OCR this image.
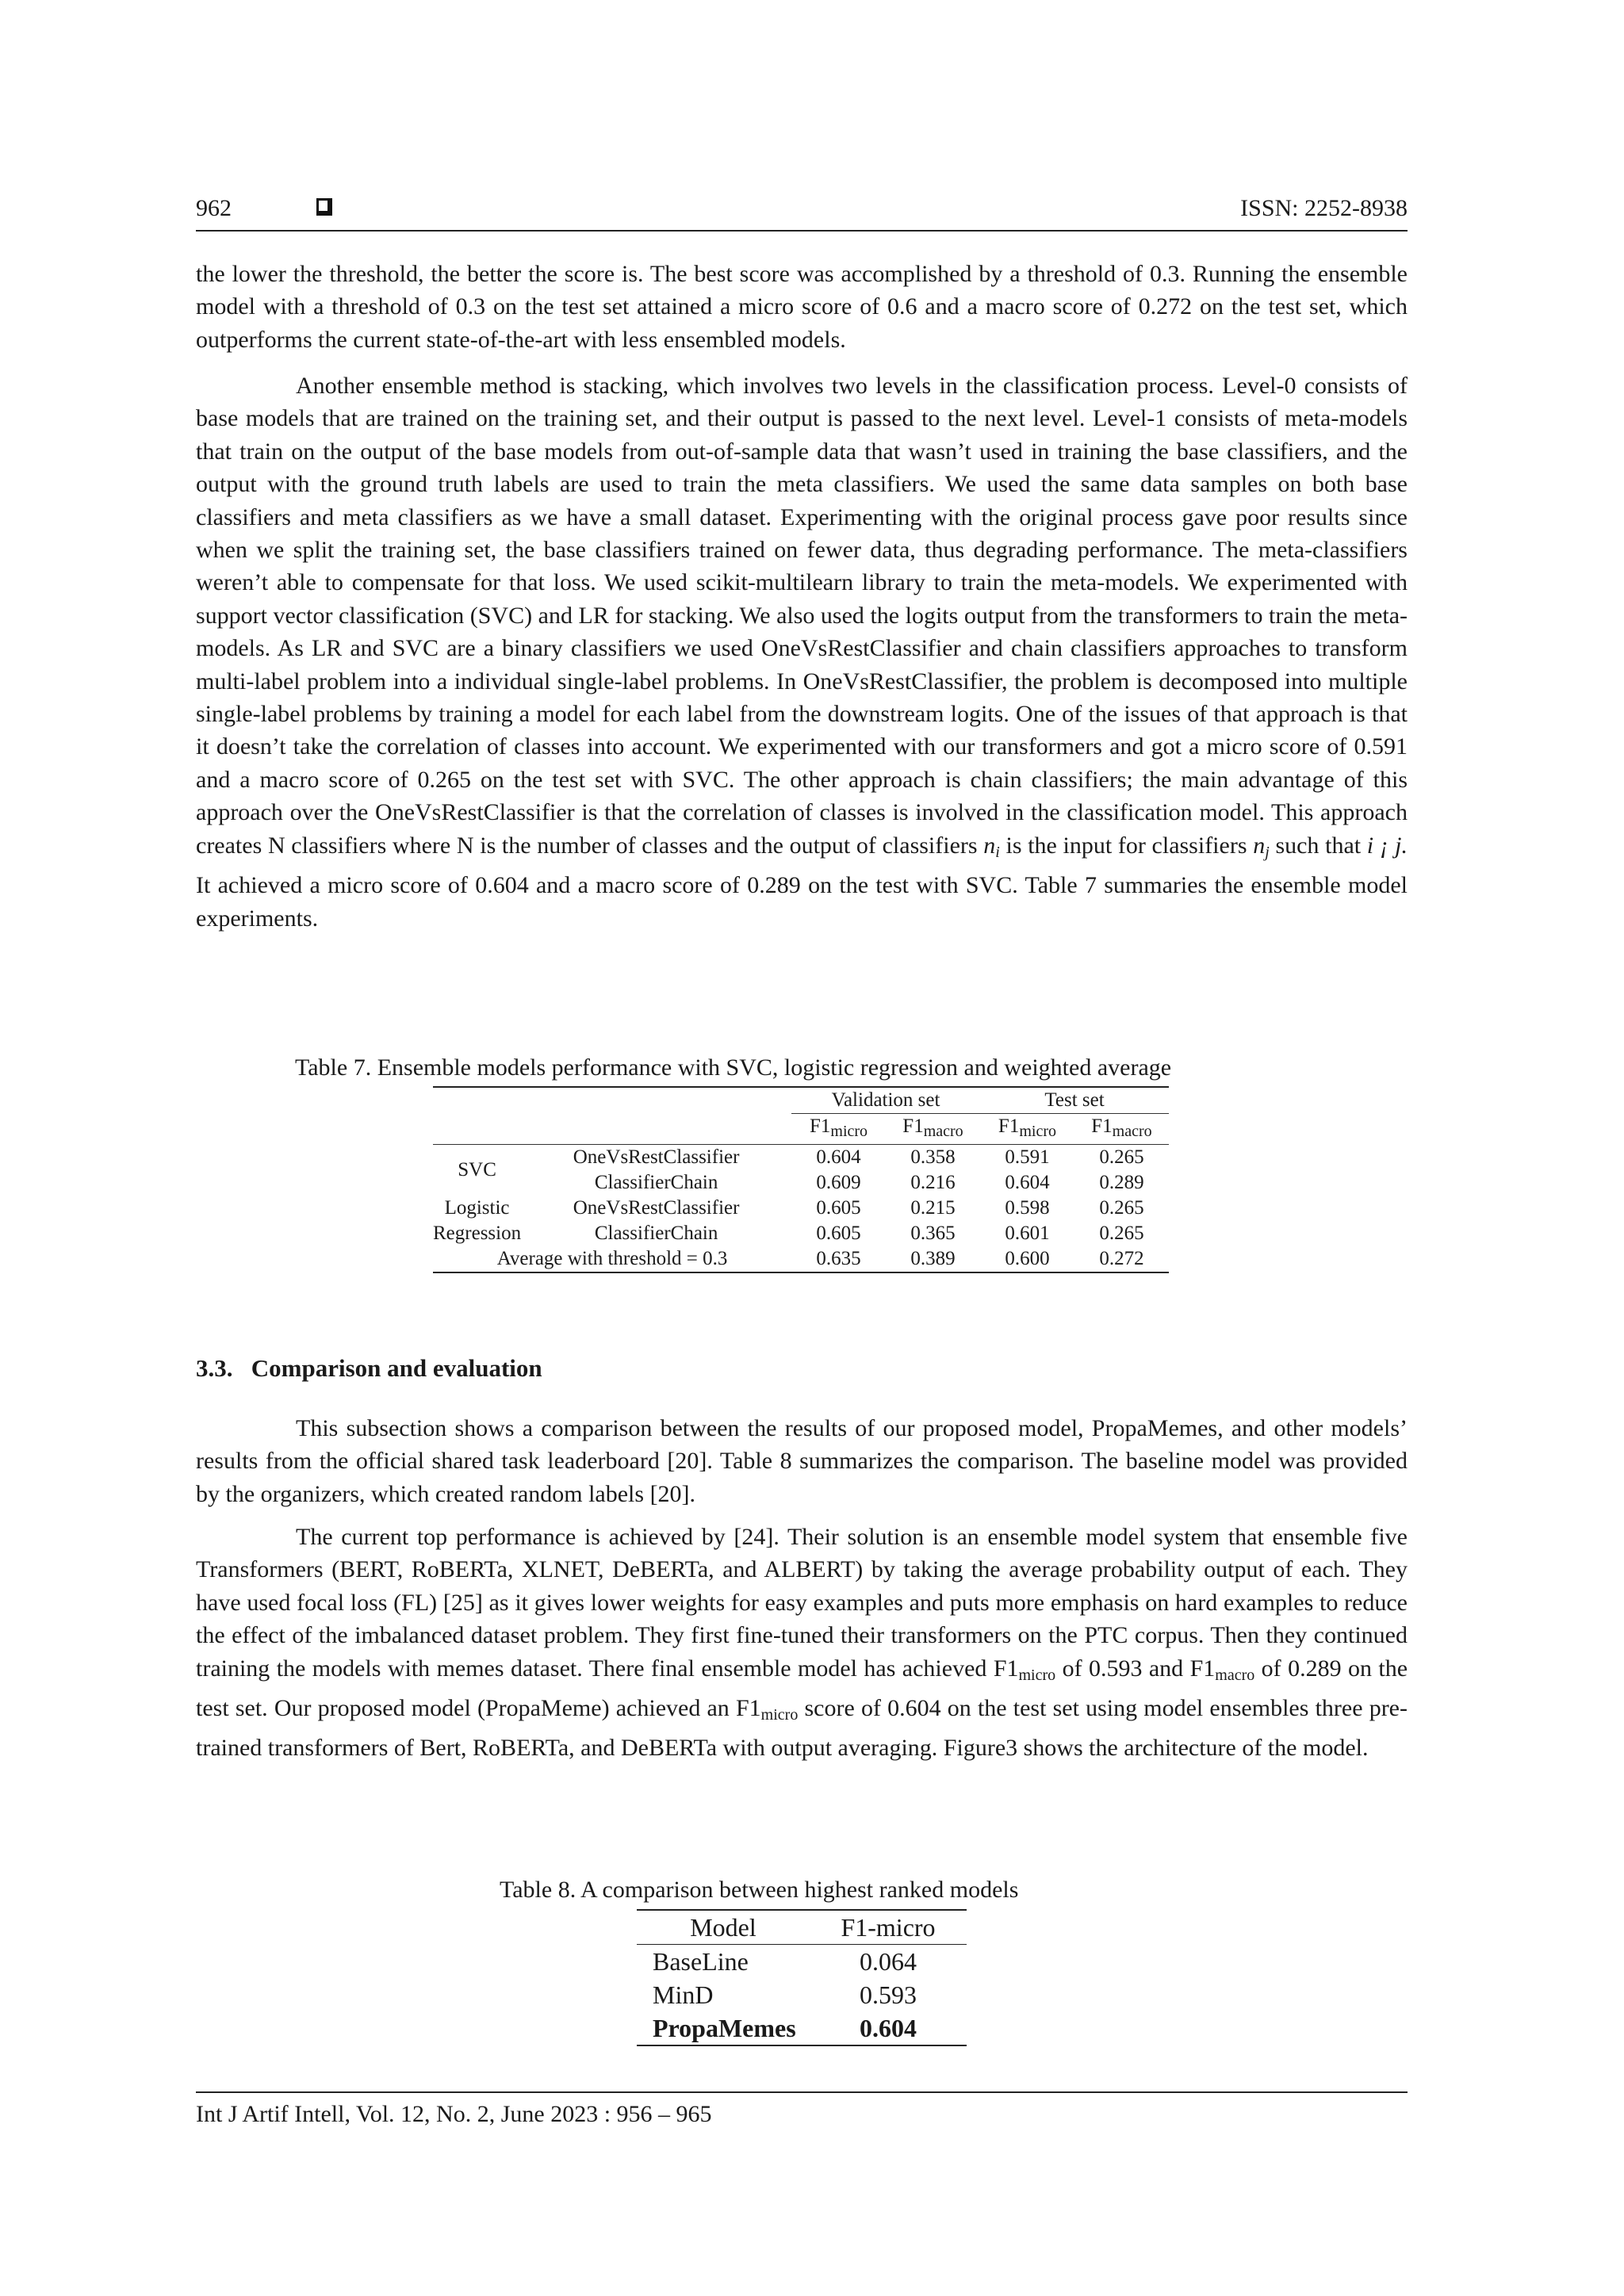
962	ISSN: 2252-8938

the lower the threshold, the better the score is. The best score was accomplished by a threshold of 0.3. Running the ensemble model with a threshold of 0.3 on the test set attained a micro score of 0.6 and a macro score of 0.272 on the test set, which outperforms the current state-of-the-art with less ensembled models.

Another ensemble method is stacking, which involves two levels in the classification process. Level-0 consists of base models that are trained on the training set, and their output is passed to the next level. Level-1 consists of meta-models that train on the output of the base models from out-of-sample data that wasn’t used in training the base classifiers, and the output with the ground truth labels are used to train the meta classifiers. We used the same data samples on both base classifiers and meta classifiers as we have a small dataset. Experimenting with the original process gave poor results since when we split the training set, the base classifiers trained on fewer data, thus degrading performance. The meta-classifiers weren’t able to compensate for that loss. We used scikit-multilearn library to train the meta-models. We experimented with support vector classification (SVC) and LR for stacking. We also used the logits output from the transformers to train the meta-models. As LR and SVC are a binary classifiers we used OneVsRestClassifier and chain classifiers approaches to transform multi-label problem into a individual single-label problems. In OneVsRestClassifier, the problem is decomposed into multiple single-label problems by training a model for each label from the downstream logits. One of the issues of that approach is that it doesn’t take the correlation of classes into account. We experimented with our transformers and got a micro score of 0.591 and a macro score of 0.265 on the test set with SVC. The other approach is chain classifiers; the main advantage of this approach over the OneVsRestClassifier is that the correlation of classes is involved in the classification model. This approach creates N classifiers where N is the number of classes and the output of classifiers $n_i$ is the input for classifiers $n_j$ such that i ¡ j. It achieved a micro score of 0.604 and a macro score of 0.289 on the test with SVC. Table 7 summaries the ensemble model experiments.

Table 7. Ensemble models performance with SVC, logistic regression and weighted average
		Validation set		Test set	
		$F1_{micro}$	$F1_{macro}$	$F1_{micro}$	$F1_{macro}$
SVC	OneVsRestClassifier	0.604	0.358	0.591	0.265
	ClassifierChain	0.609	0.216	0.604	0.289
Logistic	OneVsRestClassifier	0.605	0.215	0.598	0.265
Regression	ClassifierChain	0.605	0.365	0.601	0.265
Average with threshold = 0.3		0.635	0.389	0.600	0.272
3.3. Comparison and evaluation

This subsection shows a comparison between the results of our proposed model, PropaMemes, and other models’ results from the official shared task leaderboard [20]. Table 8 summarizes the comparison. The baseline model was provided by the organizers, which created random labels [20].

The current top performance is achieved by [24]. Their solution is an ensemble model system that ensemble five Transformers (BERT, RoBERTa, XLNET, DeBERTa, and ALBERT) by taking the average probability output of each. They have used focal loss (FL) [25] as it gives lower weights for easy examples and puts more emphasis on hard examples to reduce the effect of the imbalanced dataset problem. They first fine-tuned their transformers on the PTC corpus. Then they continued training the models with memes dataset. There final ensemble model has achieved $F1_{micro}$ of 0.593 and $F1_{macro}$ of 0.289 on the test set. Our proposed model (PropaMeme) achieved an $F1_{micro}$ score of 0.604 on the test set using model ensembles three pre-trained transformers of Bert, RoBERTa, and DeBERTa with output averaging. Figure3 shows the architecture of the model.

Table 8. A comparison between highest ranked models
Model	F1-micro
BaseLine	0.064
MinD	0.593
PropaMemes	0.604
Int J Artif Intell, Vol. 12, No. 2, June 2023 : 956 – 965
